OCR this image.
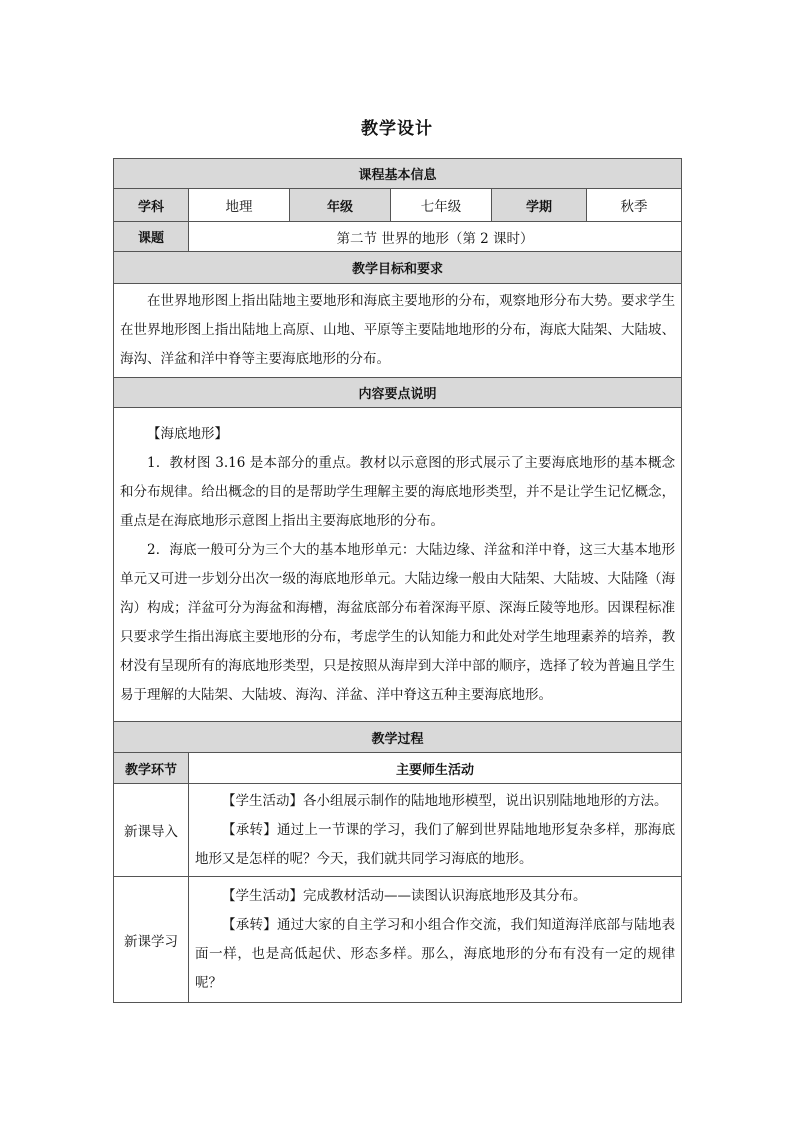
教学设计
课程基本信息					
学科	地理	年级	七年级	学期	秋季
课题	第二节 世界的地形（第 2 课时）				
教学目标和要求					

在世界地形图上指出陆地主要地形和海底主要地形的分布，观察地形分布大势。要求学生在世界地形图上指出陆地上高原、山地、平原等主要陆地地形的分布，海底大陆架、大陆坡、海沟、洋盆和洋中脊等主要海底地形的分布。					

内容要点说明					

【海底地形】

1．教材图 3.16 是本部分的重点。教材以示意图的形式展示了主要海底地形的基本概念和分布规律。给出概念的目的是帮助学生理解主要的海底地形类型，并不是让学生记忆概念，重点是在海底地形示意图上指出主要海底地形的分布。

2．海底一般可分为三个大的基本地形单元：大陆边缘、洋盆和洋中脊，这三大基本地形单元又可进一步划分出次一级的海底地形单元。大陆边缘一般由大陆架、大陆坡、大陆隆（海沟）构成；洋盆可分为海盆和海槽，海盆底部分布着深海平原、深海丘陵等地形。因课程标准只要求学生指出海底主要地形的分布，考虑学生的认知能力和此处对学生地理素养的培养，教材没有呈现所有的海底地形类型，只是按照从海岸到大洋中部的顺序，选择了较为普遍且学生易于理解的大陆架、大陆坡、海沟、洋盆、洋中脊这五种主要海底地形。					

教学过程					
教学环节	主要师生活动				
新课导入	【学生活动】各小组展示制作的陆地地形模型，说出识别陆地地形的方法。

【承转】通过上一节课的学习，我们了解到世界陆地地形复杂多样，那海底地形又是怎样的呢？今天，我们就共同学习海底的地形。				

新课学习	【学生活动】完成教材活动——读图认识海底地形及其分布。

【承转】通过大家的自主学习和小组合作交流，我们知道海洋底部与陆地表面一样，也是高低起伏、形态多样。那么，海底地形的分布有没有一定的规律呢？				
